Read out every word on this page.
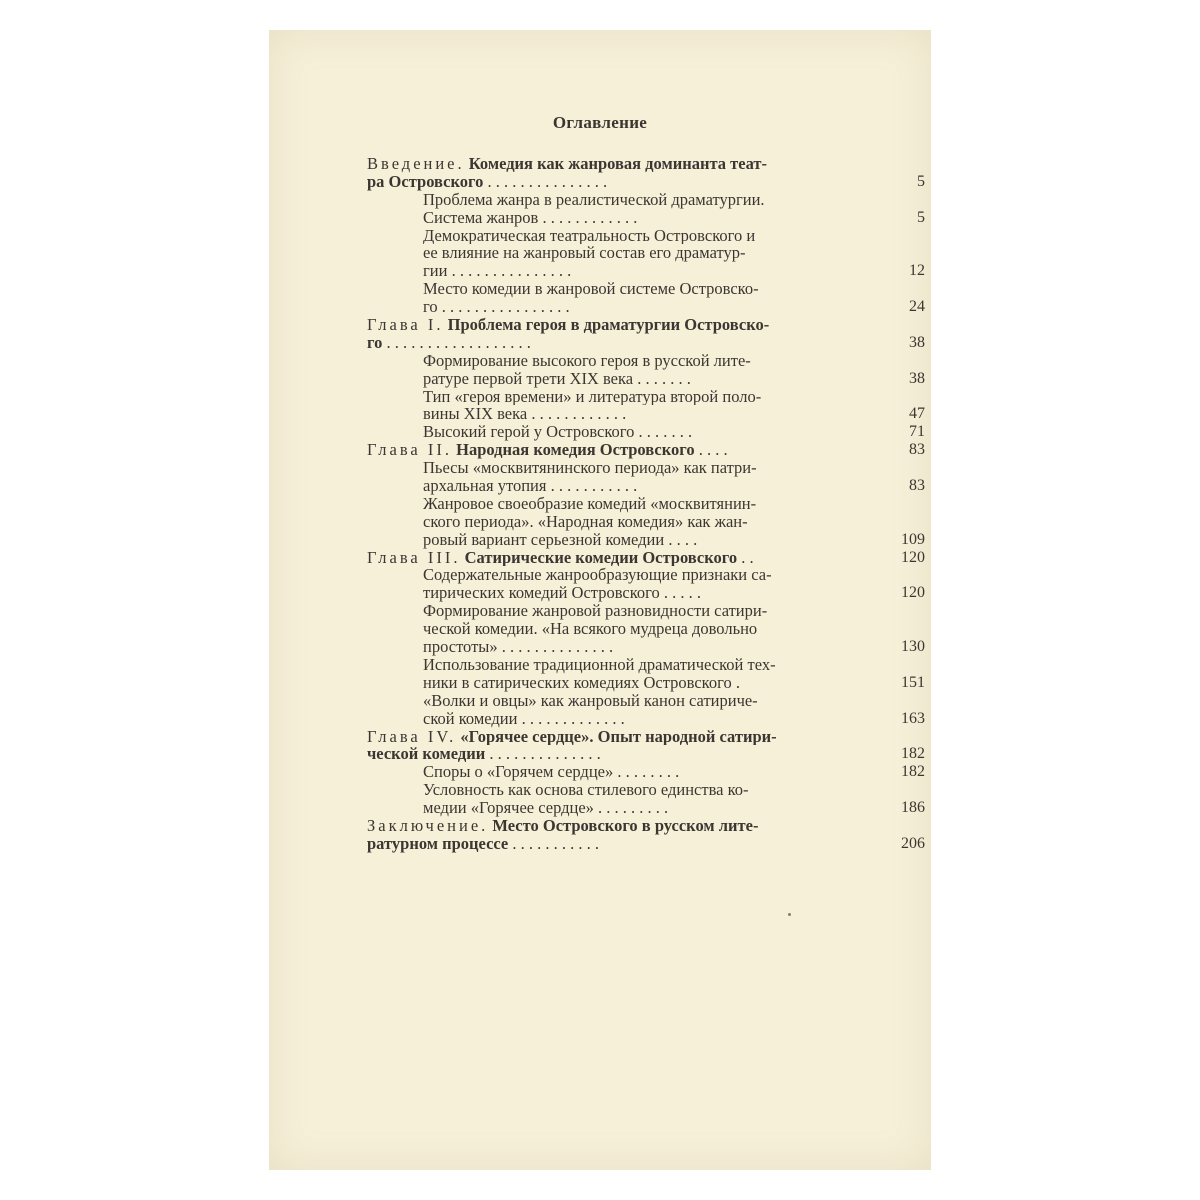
Оглавление
Введение. Комедия как жанровая доминанта теат-
ра Островского . . . . . . . . . . . . . . .	5
Проблема жанра в реалистической драматургии.
Система жанров . . . . . . . . . . . .	5
Демократическая театральность Островского и
ее влияние на жанровый состав его драматур-
гии . . . . . . . . . . . . . . .	12
Место комедии в жанровой системе Островско-
го . . . . . . . . . . . . . . . .	24
Глава I. Проблема героя в драматургии Островско-
го . . . . . . . . . . . . . . . . . .	38
Формирование высокого героя в русской лите-
ратуре первой трети XIX века . . . . . . .	38
Тип «героя времени» и литература второй поло-
вины XIX века . . . . . . . . . . . .	47
Высокий герой у Островского . . . . . . .	71
Глава II. Народная комедия Островского . . . .	83
Пьесы «москвитянинского периода» как патри-
архальная утопия . . . . . . . . . . .	83
Жанровое своеобразие комедий «москвитянин-
ского периода». «Народная комедия» как жан-
ровый вариант серьезной комедии . . . .	109
Глава III. Сатирические комедии Островского . .	120
Содержательные жанрообразующие признаки са-
тирических комедий Островского . . . . .	120
Формирование жанровой разновидности сатири-
ческой комедии. «На всякого мудреца довольно
простоты» . . . . . . . . . . . . . .	130
Использование традиционной драматической тех-
ники в сатирических комедиях Островского .	151
«Волки и овцы» как жанровый канон сатириче-
ской комедии . . . . . . . . . . . . .	163
Глава IV. «Горячее сердце». Опыт народной сатири-
ческой комедии . . . . . . . . . . . . . .	182
Споры о «Горячем сердце» . . . . . . . .	182
Условность как основа стилевого единства ко-
медии «Горячее сердце» . . . . . . . . .	186
Заключение. Место Островского в русском лите-
ратурном процессе . . . . . . . . . . .	206
